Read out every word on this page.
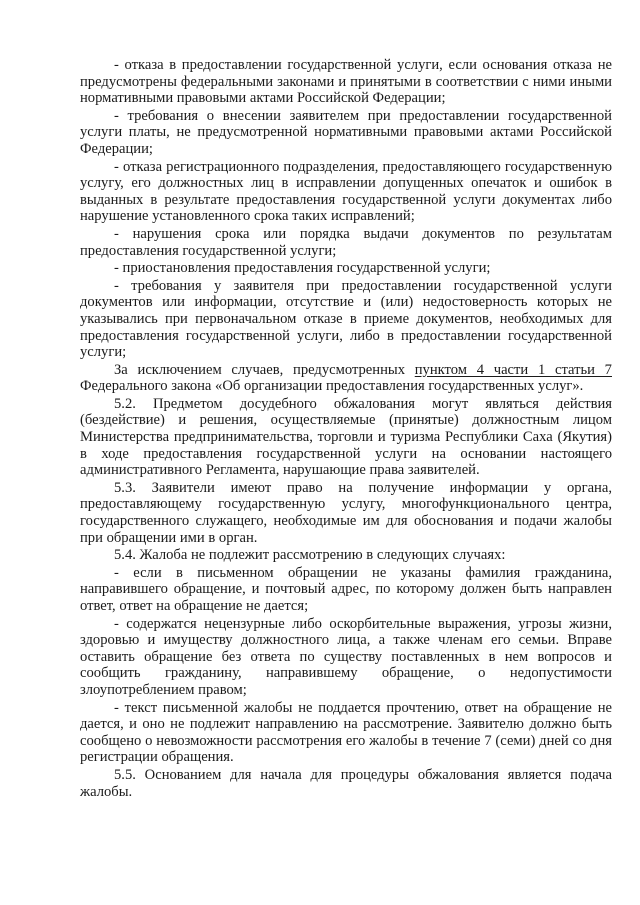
- отказа в предоставлении государственной услуги, если основания отказа не предусмотрены федеральными законами и принятыми в соответствии с ними иными нормативными правовыми актами Российской Федерации;

- требования о внесении заявителем при предоставлении государственной услуги платы, не предусмотренной нормативными правовыми актами Российской Федерации;

- отказа регистрационного подразделения, предоставляющего государственную услугу, его должностных лиц в исправлении допущенных опечаток и ошибок в выданных в результате предоставления государственной услуги документах либо нарушение установленного срока таких исправлений;

- нарушения срока или порядка выдачи документов по результатам предоставления государственной услуги;

- приостановления предоставления государственной услуги;

- требования у заявителя при предоставлении государственной услуги документов или информации, отсутствие и (или) недостоверность которых не указывались при первоначальном отказе в приеме документов, необходимых для предоставления государственной услуги, либо в предоставлении государственной услуги;

За исключением случаев, предусмотренных пунктом 4 части 1 статьи 7 Федерального закона «Об организации предоставления государственных услуг».

5.2. Предметом досудебного обжалования могут являться действия (бездействие) и решения, осуществляемые (принятые) должностным лицом Министерства предпринимательства, торговли и туризма Республики Саха (Якутия) в ходе предоставления государственной услуги на основании настоящего административного Регламента, нарушающие права заявителей.

5.3. Заявители имеют право на получение информации у органа, предоставляющему государственную услугу, многофункционального центра, государственного служащего, необходимые им для обоснования и подачи жалобы при обращении ими в орган.

5.4. Жалоба не подлежит рассмотрению в следующих случаях:

- если в письменном обращении не указаны фамилия гражданина, направившего обращение, и почтовый адрес, по которому должен быть направлен ответ, ответ на обращение не дается;

- содержатся нецензурные либо оскорбительные выражения, угрозы жизни, здоровью и имуществу должностного лица, а также членам его семьи. Вправе оставить обращение без ответа по существу поставленных в нем вопросов и сообщить гражданину, направившему обращение, о недопустимости злоупотреблением правом;

- текст письменной жалобы не поддается прочтению, ответ на обращение не дается, и оно не подлежит направлению на рассмотрение. Заявителю должно быть сообщено о невозможности рассмотрения его жалобы в течение 7 (семи) дней со дня регистрации обращения.

5.5. Основанием для начала для процедуры обжалования является подача жалобы.
